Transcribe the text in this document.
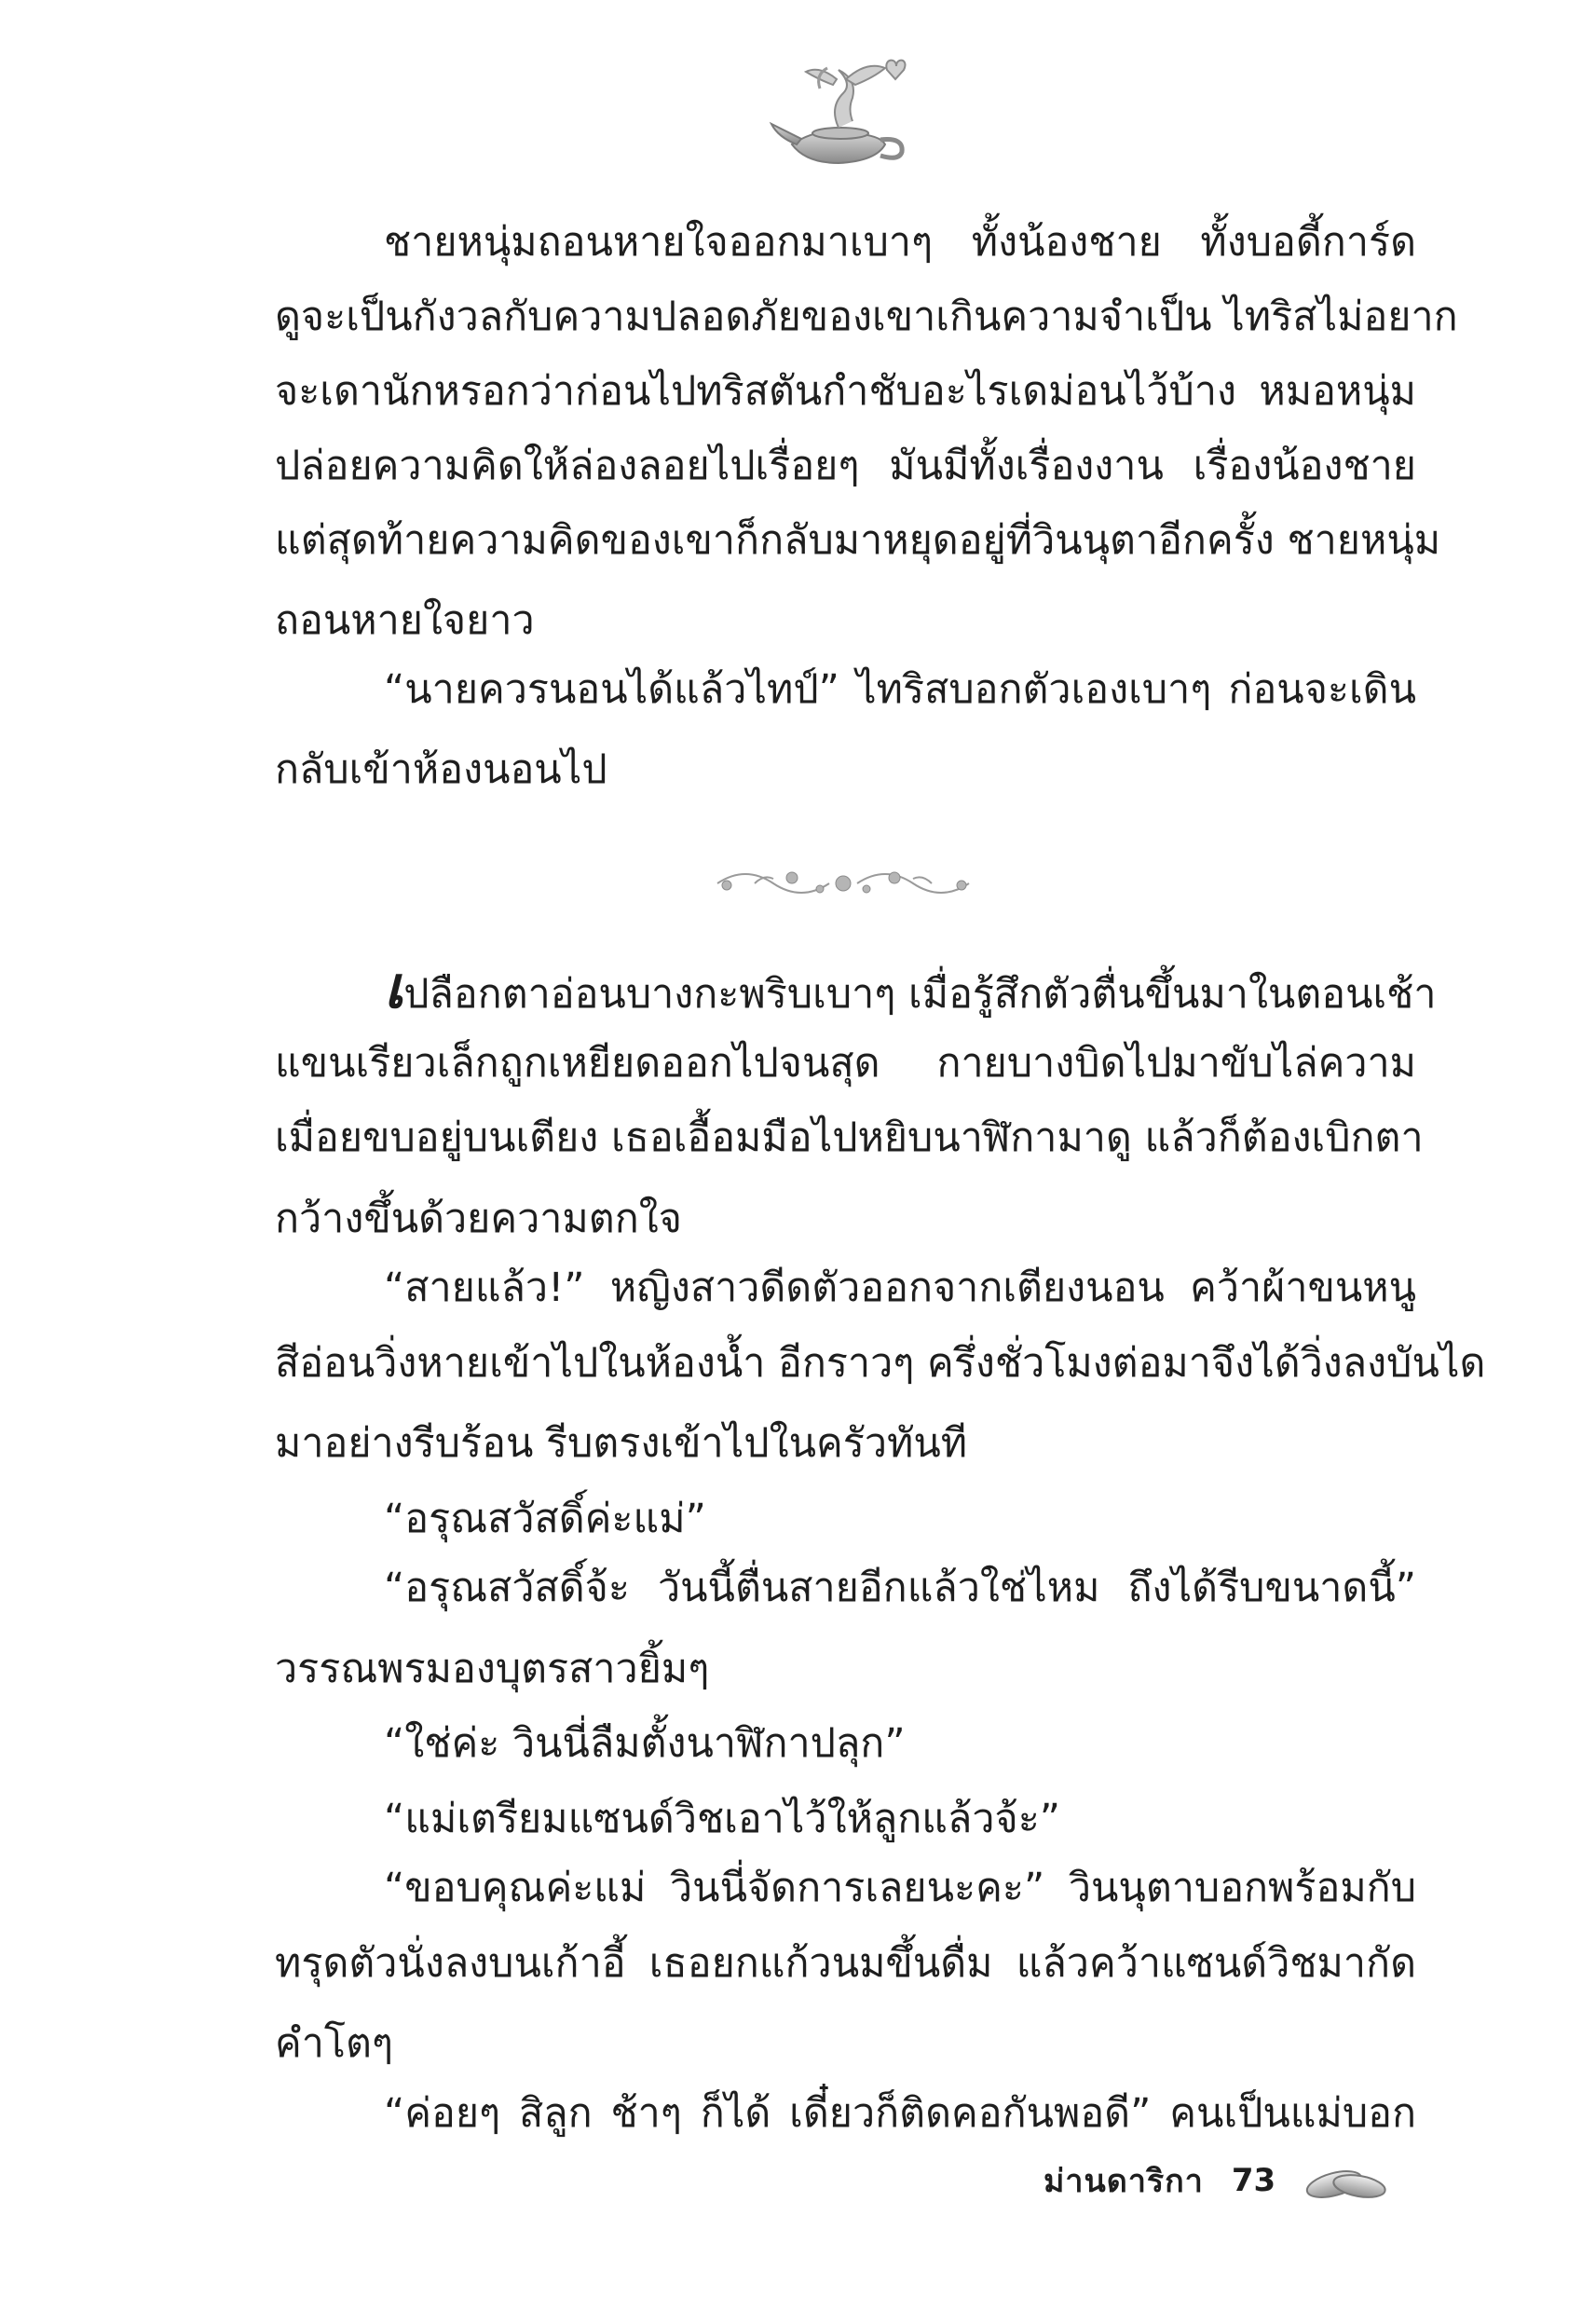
ชายหนุ่มถอนหายใจออกมาเบาๆ ทั้งน้องชาย ทั้งบอดี้การ์ด
ดูจะเป็นกังวลกับความปลอดภัยของเขาเกินความจำเป็น ไทริสไม่อยาก
จะเดานักหรอกว่าก่อนไปทริสตันกำชับอะไรเดม่อนไว้บ้าง หมอหนุ่ม
ปล่อยความคิดให้ล่องลอยไปเรื่อยๆ มันมีทั้งเรื่องงาน เรื่องน้องชาย
แต่สุดท้ายความคิดของเขาก็กลับมาหยุดอยู่ที่วินนุตาอีกครั้ง ชายหนุ่ม
ถอนหายใจยาว
“นายควรนอนได้แล้วไทป์” ไทริสบอกตัวเองเบาๆ ก่อนจะเดิน
กลับเข้าห้องนอนไป
เปลือกตาอ่อนบางกะพริบเบาๆ เมื่อรู้สึกตัวตื่นขึ้นมาในตอนเช้า
แขนเรียวเล็กถูกเหยียดออกไปจนสุด กายบางบิดไปมาขับไล่ความ
เมื่อยขบอยู่บนเตียง เธอเอื้อมมือไปหยิบนาฬิกามาดู แล้วก็ต้องเบิกตา
กว้างขึ้นด้วยความตกใจ
“สายแล้ว!” หญิงสาวดีดตัวออกจากเตียงนอน คว้าผ้าขนหนู
สีอ่อนวิ่งหายเข้าไปในห้องน้ำ อีกราวๆ ครึ่งชั่วโมงต่อมาจึงได้วิ่งลงบันได
มาอย่างรีบร้อน รีบตรงเข้าไปในครัวทันที
“อรุณสวัสดิ์ค่ะแม่”
“อรุณสวัสดิ์จ้ะ วันนี้ตื่นสายอีกแล้วใช่ไหม ถึงได้รีบขนาดนี้”
วรรณพรมองบุตรสาวยิ้มๆ
“ใช่ค่ะ วินนี่ลืมตั้งนาฬิกาปลุก”
“แม่เตรียมแซนด์วิชเอาไว้ให้ลูกแล้วจ้ะ”
“ขอบคุณค่ะแม่ วินนี่จัดการเลยนะคะ” วินนุตาบอกพร้อมกับ
ทรุดตัวนั่งลงบนเก้าอี้ เธอยกแก้วนมขึ้นดื่ม แล้วคว้าแซนด์วิชมากัด
คำโตๆ
“ค่อยๆ สิลูก ช้าๆ ก็ได้ เดี๋ยวก็ติดคอกันพอดี” คนเป็นแม่บอก
ม่านดาริกา 73
